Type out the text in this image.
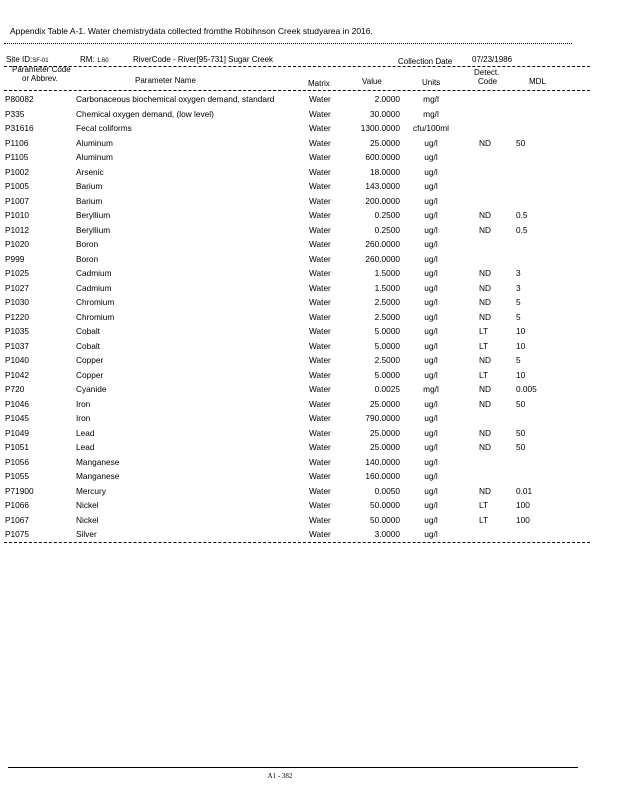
Appendix Table A-1. Water chemistrydata collected fromthe Robihnson Creek studyarea in 2016.
Site ID:SF-01	RM: 1.60	RiverCode - River[95-731] Sugar Creek	Collection Date 07/23/1986
Parameter Code
or Abbrev.	Parameter Name	Matrix	Value	Units
Detect.
Code	MDL
P80082	Carbonaceous biochemical oxygen demand, standard	Water	2.0000	mg/l
P335	Chemical oxygen demand, (low level)	Water	30.0000	mg/l
P31616	Fecal coliforms	Water	1300.0000	cfu/100ml
P1106	Aluminum	Water	25.0000	ug/l	ND	50
P1105	Aluminum	Water	600.0000	ug/l
P1002	Arsenic	Water	18.0000	ug/l
P1005	Barium	Water	143.0000	ug/l
P1007	Barium	Water	200.0000	ug/l
P1010	Beryllium	Water	0.2500	ug/l	ND	0.5
P1012	Beryllium	Water	0.2500	ug/l	ND	0.5
P1020	Boron	Water	260.0000	ug/l
P999	Boron	Water	260.0000	ug/l
P1025	Cadmium	Water	1.5000	ug/l	ND	3
P1027	Cadmium	Water	1.5000	ug/l	ND	3
P1030	Chromium	Water	2.5000	ug/l	ND	5
P1220	Chromium	Water	2.5000	ug/l	ND	5
P1035	Cobalt	Water	5.0000	ug/l	LT	10
P1037	Cobalt	Water	5.0000	ug/l	LT	10
P1040	Copper	Water	2.5000	ug/l	ND	5
P1042	Copper	Water	5.0000	ug/l	LT	10
P720	Cyanide	Water	0.0025	mg/l	ND	0.005
P1046	Iron	Water	25.0000	ug/l	ND	50
P1045	Iron	Water	790.0000	ug/l
P1049	Lead	Water	25.0000	ug/l	ND	50
P1051	Lead	Water	25.0000	ug/l	ND	50
P1056	Manganese	Water	140.0000	ug/l
P1055	Manganese	Water	160.0000	ug/l
P71900	Mercury	Water	0.0050	ug/l	ND	0.01
P1066	Nickel	Water	50.0000	ug/l	LT	100
P1067	Nickel	Water	50.0000	ug/l	LT	100
P1075	Silver	Water	3.0000	ug/l
A1 - 382
